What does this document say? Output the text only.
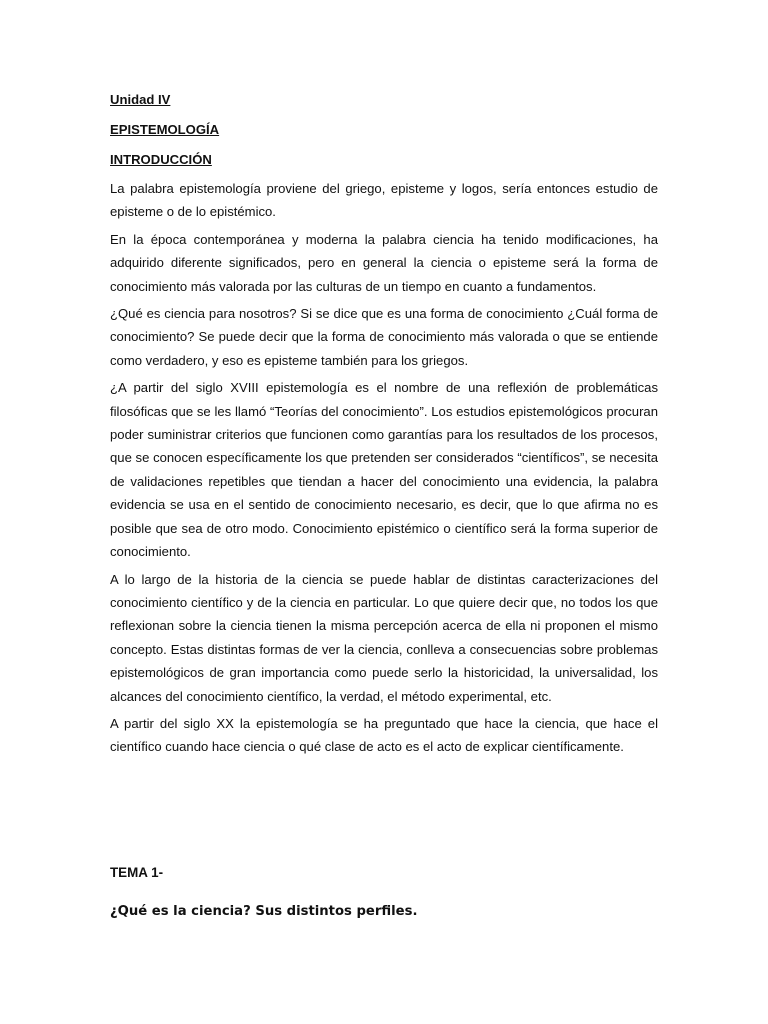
Unidad IV

EPISTEMOLOGÍA

INTRODUCCIÓN

La palabra epistemología proviene del griego, episteme y logos, sería entonces estudio de episteme o de lo epistémico.

En la época contemporánea y moderna la palabra ciencia ha tenido modificaciones, ha adquirido diferente significados, pero en general la ciencia o episteme será la forma de conocimiento más valorada por las culturas de un tiempo en cuanto a fundamentos.

¿Qué es ciencia para nosotros? Si se dice que es una forma de conocimiento ¿Cuál forma de conocimiento? Se puede decir que la forma de conocimiento más valorada o que se entiende como verdadero, y eso es episteme también para los griegos.

¿A partir del siglo XVIII epistemología es el nombre de una reflexión de problemáticas filosóficas que se les llamó “Teorías del conocimiento”. Los estudios epistemológicos procuran poder suministrar criterios que funcionen como garantías para los resultados de los procesos, que se conocen específicamente los que pretenden ser considerados “científicos”, se necesita de validaciones repetibles que tiendan a hacer del conocimiento una evidencia, la palabra evidencia se usa en el sentido de conocimiento necesario, es decir, que lo que afirma no es posible que sea de otro modo. Conocimiento epistémico o científico será la forma superior de conocimiento.

A lo largo de la historia de la ciencia se puede hablar de distintas caracterizaciones del conocimiento científico y de la ciencia en particular. Lo que quiere decir que, no todos los que reflexionan sobre la ciencia tienen la misma percepción acerca de ella ni proponen el mismo concepto. Estas distintas formas de ver la ciencia, conlleva a consecuencias sobre problemas epistemológicos de gran importancia como puede serlo la historicidad, la universalidad, los alcances del conocimiento científico, la verdad, el método experimental, etc.

A partir del siglo XX la epistemología se ha preguntado que hace la ciencia, que hace el científico cuando hace ciencia o qué clase de acto es el acto de explicar científicamente.

TEMA 1-

¿Qué es la ciencia? Sus distintos perfiles.
